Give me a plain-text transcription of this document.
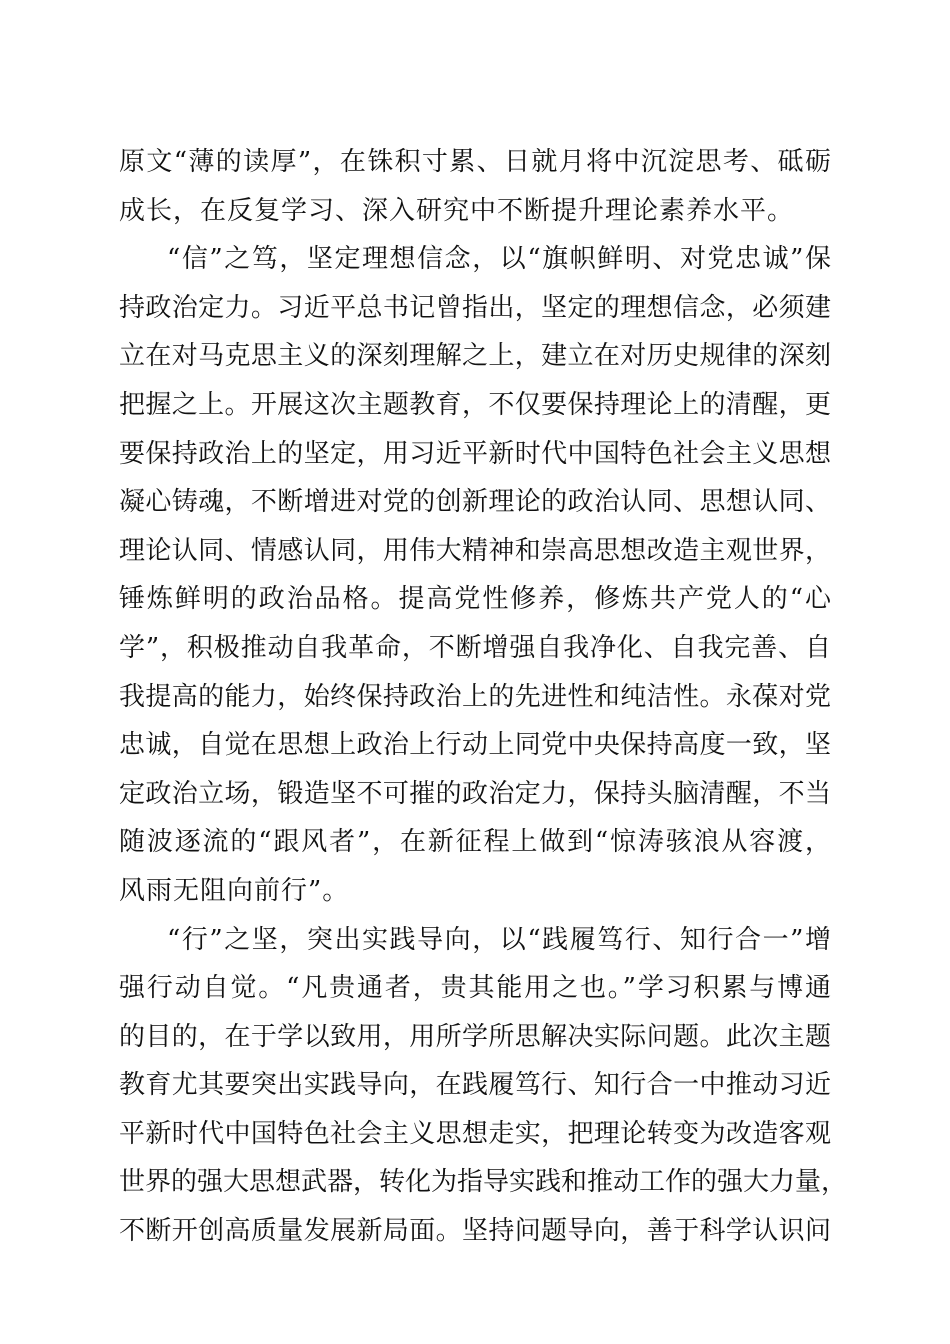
原文“薄的读厚”，在铢积寸累、日就月将中沉淀思考、砥砺
成长，在反复学习、深入研究中不断提升理论素养水平。
“信”之笃，坚定理想信念，以“旗帜鲜明、对党忠诚”保
持政治定力。习近平总书记曾指出，坚定的理想信念，必须建
立在对马克思主义的深刻理解之上，建立在对历史规律的深刻
把握之上。开展这次主题教育，不仅要保持理论上的清醒，更
要保持政治上的坚定，用习近平新时代中国特色社会主义思想
凝心铸魂，不断增进对党的创新理论的政治认同、思想认同、
理论认同、情感认同，用伟大精神和崇高思想改造主观世界，
锤炼鲜明的政治品格。提高党性修养，修炼共产党人的“心
学”，积极推动自我革命，不断增强自我净化、自我完善、自
我提高的能力，始终保持政治上的先进性和纯洁性。永葆对党
忠诚，自觉在思想上政治上行动上同党中央保持高度一致，坚
定政治立场，锻造坚不可摧的政治定力，保持头脑清醒，不当
随波逐流的“跟风者”，在新征程上做到“惊涛骇浪从容渡，
风雨无阻向前行”。
“行”之坚，突出实践导向，以“践履笃行、知行合一”增
强行动自觉。“凡贵通者，贵其能用之也。”学习积累与博通
的目的，在于学以致用，用所学所思解决实际问题。此次主题
教育尤其要突出实践导向，在践履笃行、知行合一中推动习近
平新时代中国特色社会主义思想走实，把理论转变为改造客观
世界的强大思想武器，转化为指导实践和推动工作的强大力量，
不断开创高质量发展新局面。坚持问题导向，善于科学认识问
